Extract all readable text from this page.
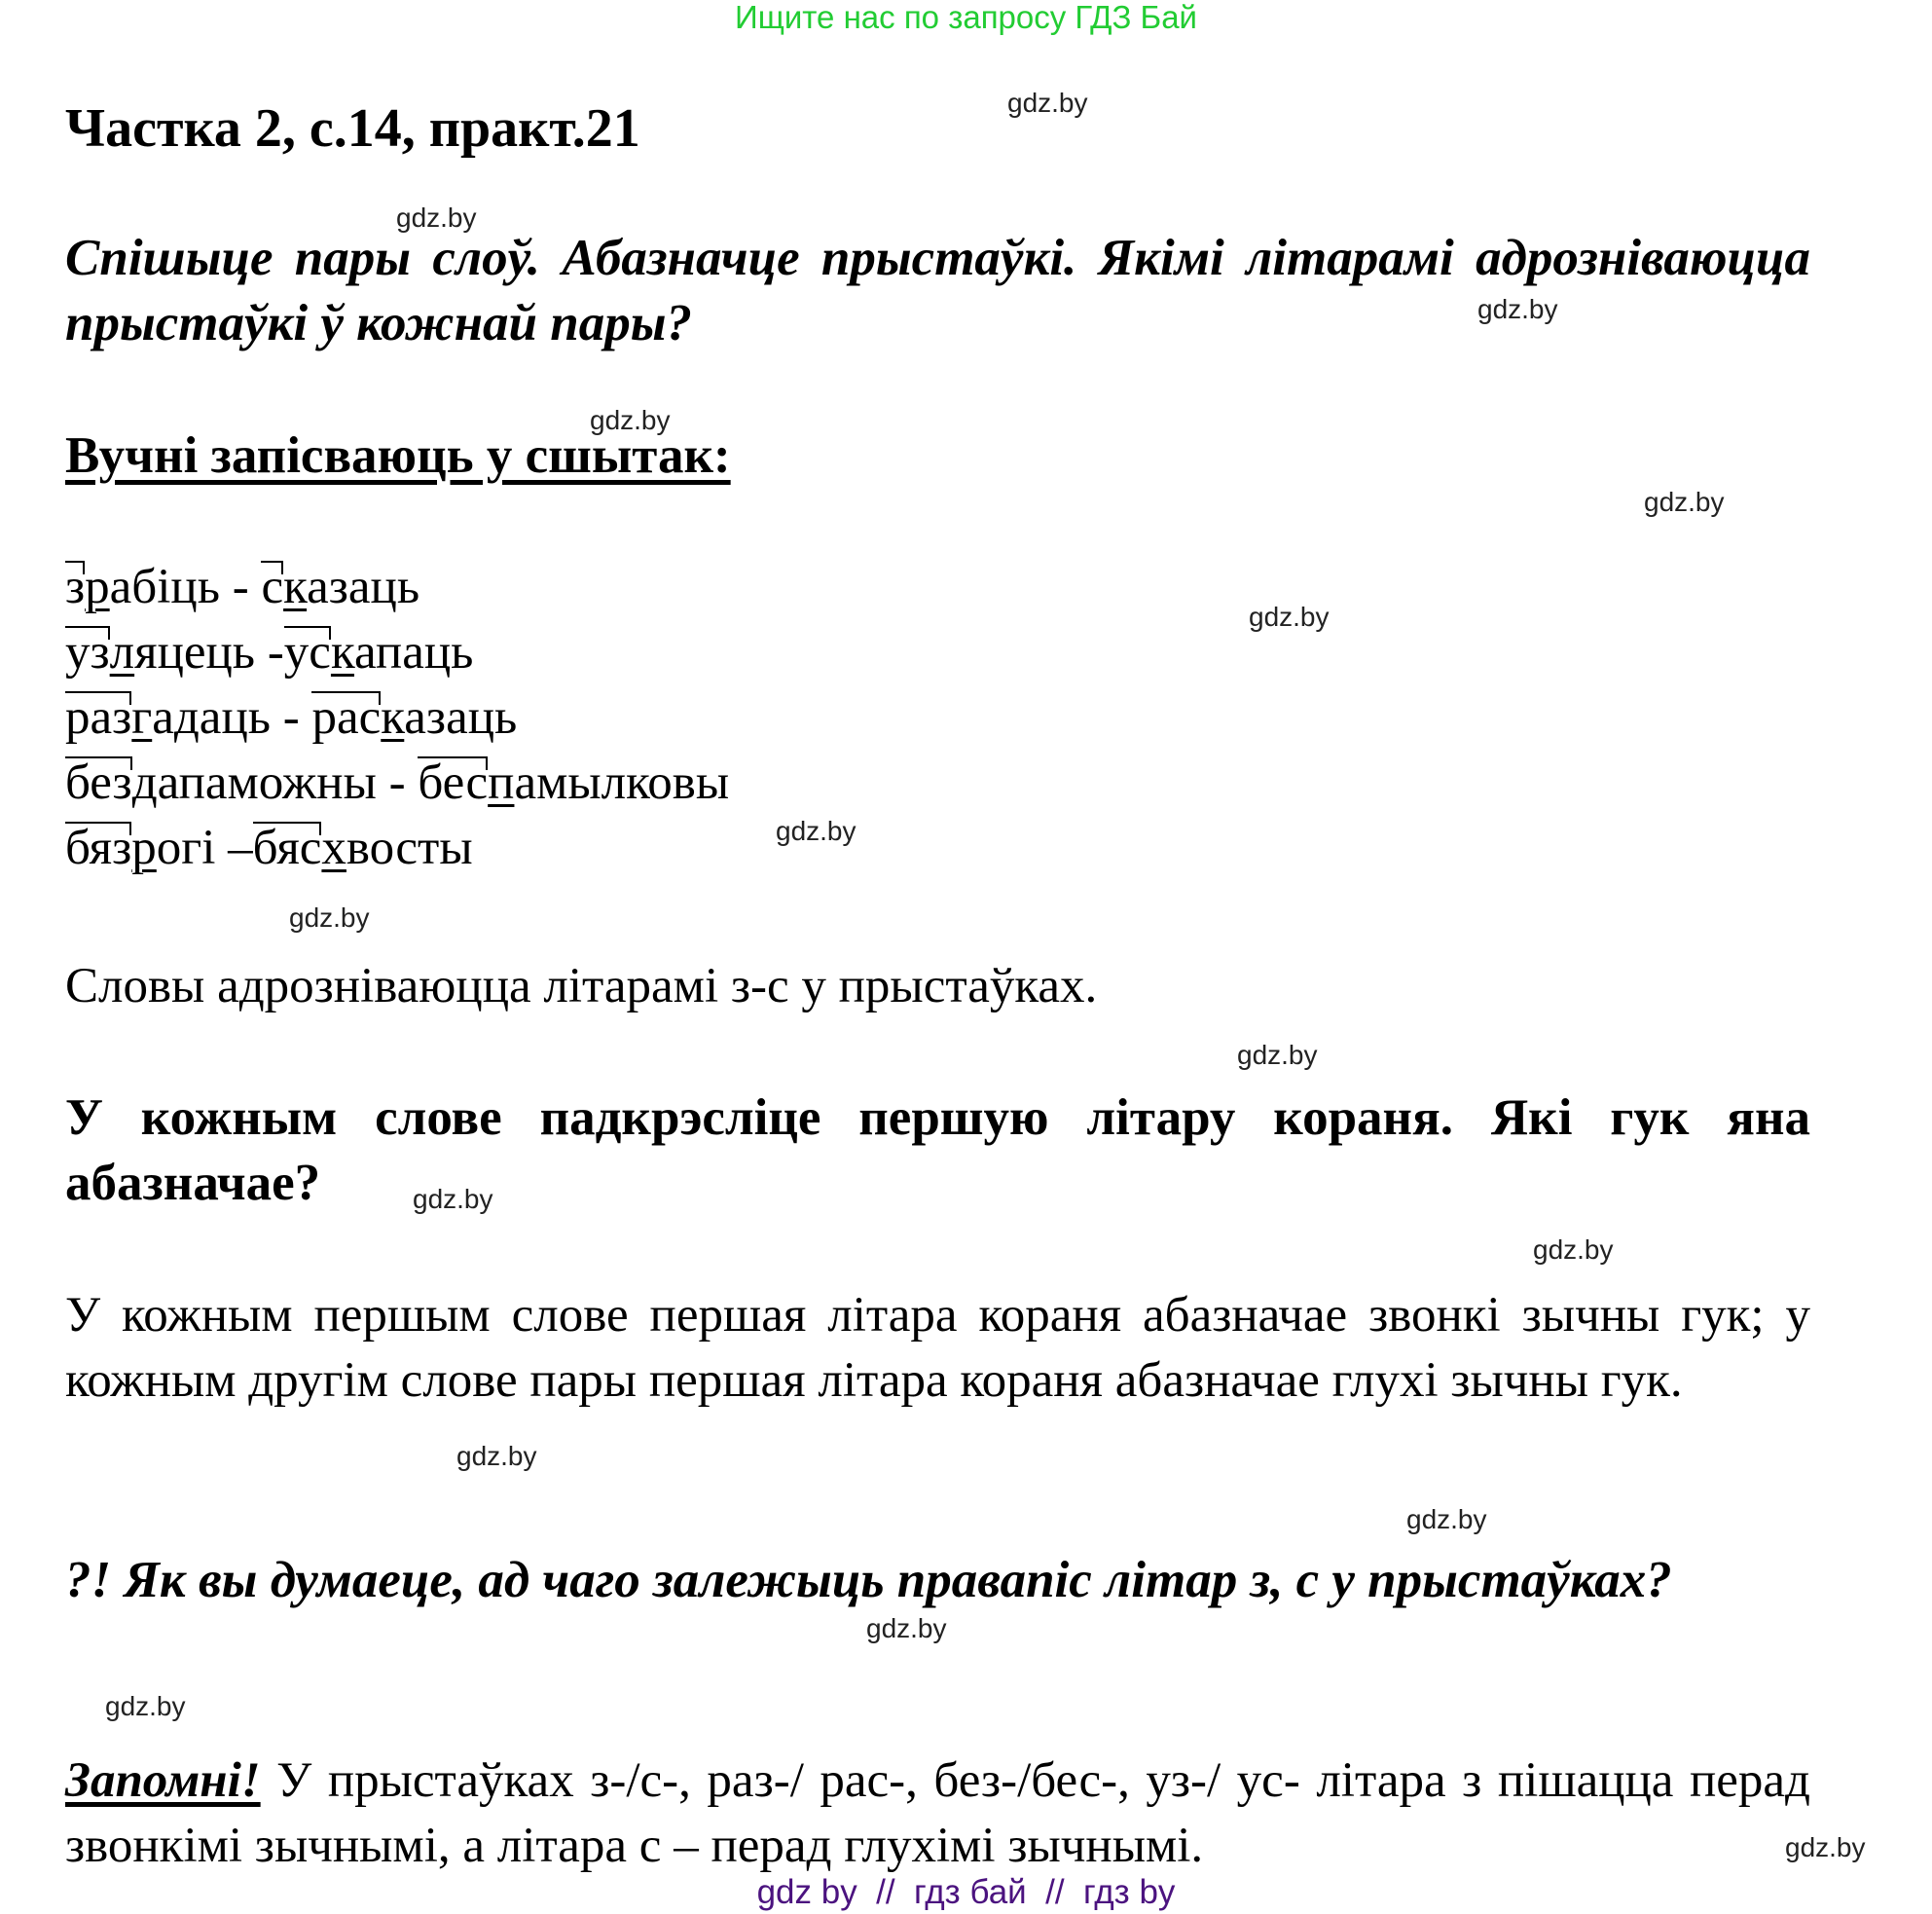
Ищите нас по запросу ГДЗ Бай
Частка 2, с.14, практ.21
Спішыце пары слоў. Абазначце прыстаўкі. Якімі літарамі адрозніваюцца прыстаўкі ў кожнай пары?
Вучні запісваюць у сшытак:
зрабіць - сказаць
узляцець -ускапаць
разгадаць - расказаць
бездапаможны - беспамылковы
бязрогі –бясхвосты
Словы адрозніваюцца літарамі з-с у прыстаўках.
У кожным слове падкрэсліце першую літару кораня. Які гук яна абазначае?
У кожным першым слове першая літара кораня абазначае звонкі зычны гук; у кожным другім слове пары першая літара кораня абазначае глухі зычны гук.
?! Як вы думаеце, ад чаго залежыць правапіс літар з, с у прыстаўках?
Запомні! У прыстаўках з-/с-, раз-/ рас-, без-/бес-, уз-/ ус- літара з пішацца перад звонкімі зычнымі, а літара с – перад глухімі зычнымі.
gdz.by
gdz.by
gdz.by
gdz.by
gdz.by
gdz.by
gdz.by
gdz.by
gdz.by
gdz.by
gdz.by
gdz.by
gdz.by
gdz.by
gdz.by
gdz.by
gdz by  //  гдз бай  //  гдз by
